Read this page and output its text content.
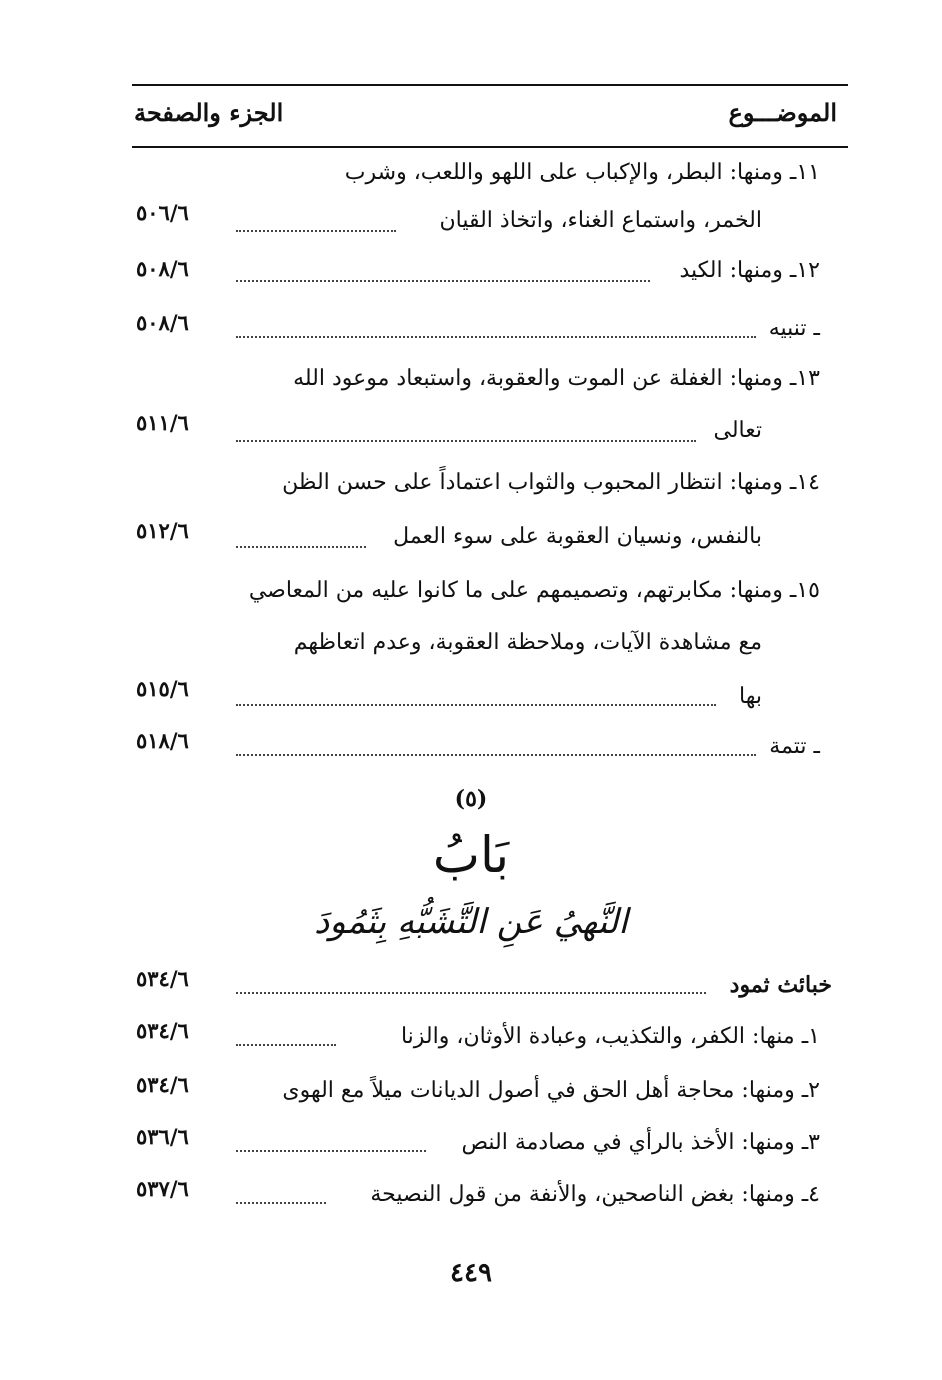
الموضـــوع
الجزء والصفحة
١١ـ ومنها: البطر، والإكباب على اللهو واللعب، وشرب
الخمر، واستماع الغناء، واتخاذ القيان
٥٠٦/٦
١٢ـ ومنها: الكيد
٥٠٨/٦
ـ تنبيه
٥٠٨/٦
١٣ـ ومنها: الغفلة عن الموت والعقوبة، واستبعاد موعود الله
تعالى
٥١١/٦
١٤ـ ومنها: انتظار المحبوب والثواب اعتماداً على حسن الظن
بالنفس، ونسيان العقوبة على سوء العمل
٥١٢/٦
١٥ـ ومنها: مكابرتهم، وتصميمهم على ما كانوا عليه من المعاصي
مع مشاهدة الآيات، وملاحظة العقوبة، وعدم اتعاظهم
بها
٥١٥/٦
ـ تتمة
٥١٨/٦
(٥)
بَابُ
النَّهيُ عَنِ التَّشَبُّهِ بِثَمُودَ
خبائث ثمود
٥٣٤/٦
١ـ منها: الكفر، والتكذيب، وعبادة الأوثان، والزنا
٥٣٤/٦
٢ـ ومنها: محاجة أهل الحق في أصول الديانات ميلاً مع الهوى
٥٣٤/٦
٣ـ ومنها: الأخذ بالرأي في مصادمة النص
٥٣٦/٦
٤ـ ومنها: بغض الناصحين، والأنفة من قول النصيحة
٥٣٧/٦
٤٤٩
